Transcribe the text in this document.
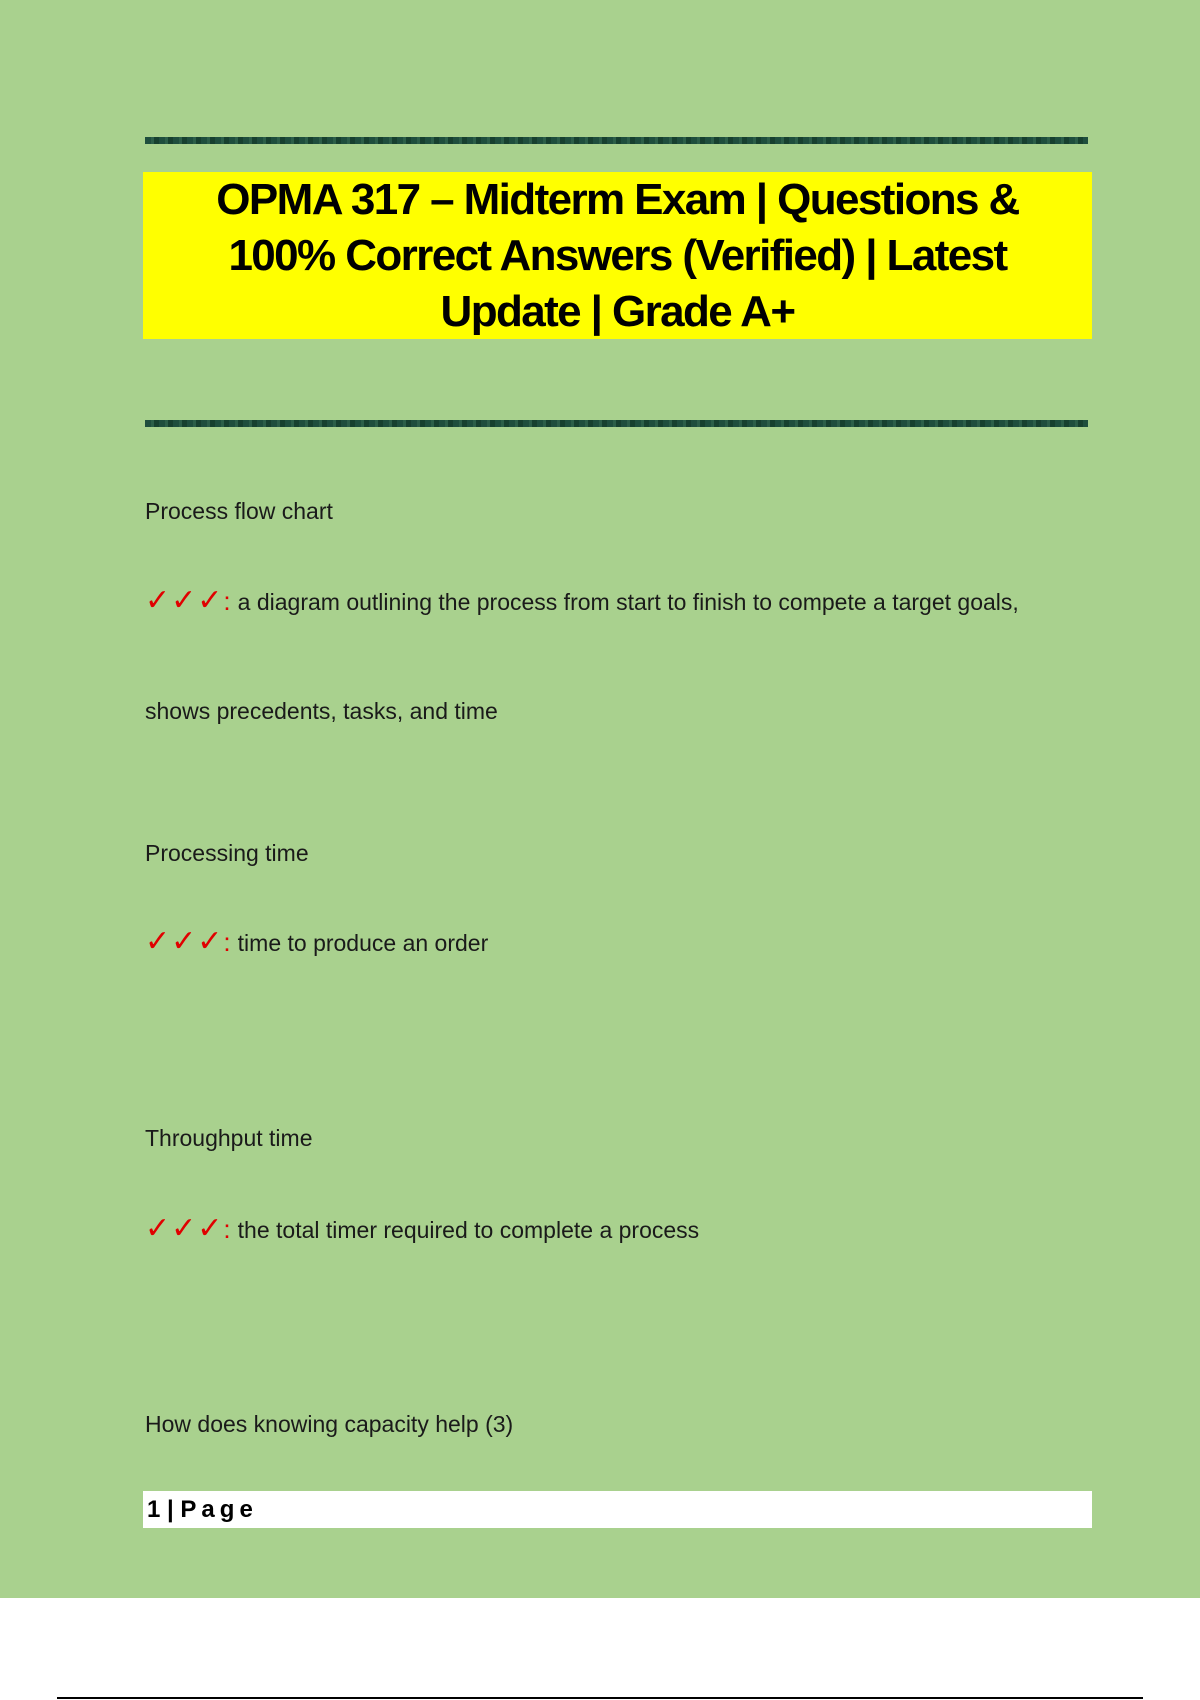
OPMA 317 – Midterm Exam | Questions & 100% Correct Answers (Verified) | Latest Update | Grade A+
Process flow chart
✓✓✓ : a diagram outlining the process from start to finish to compete a target goals,
shows precedents, tasks, and time
Processing time
✓✓✓ : time to produce an order
Throughput time
✓✓✓ : the total timer required to complete a process
How does knowing capacity help (3)
1 | Page
